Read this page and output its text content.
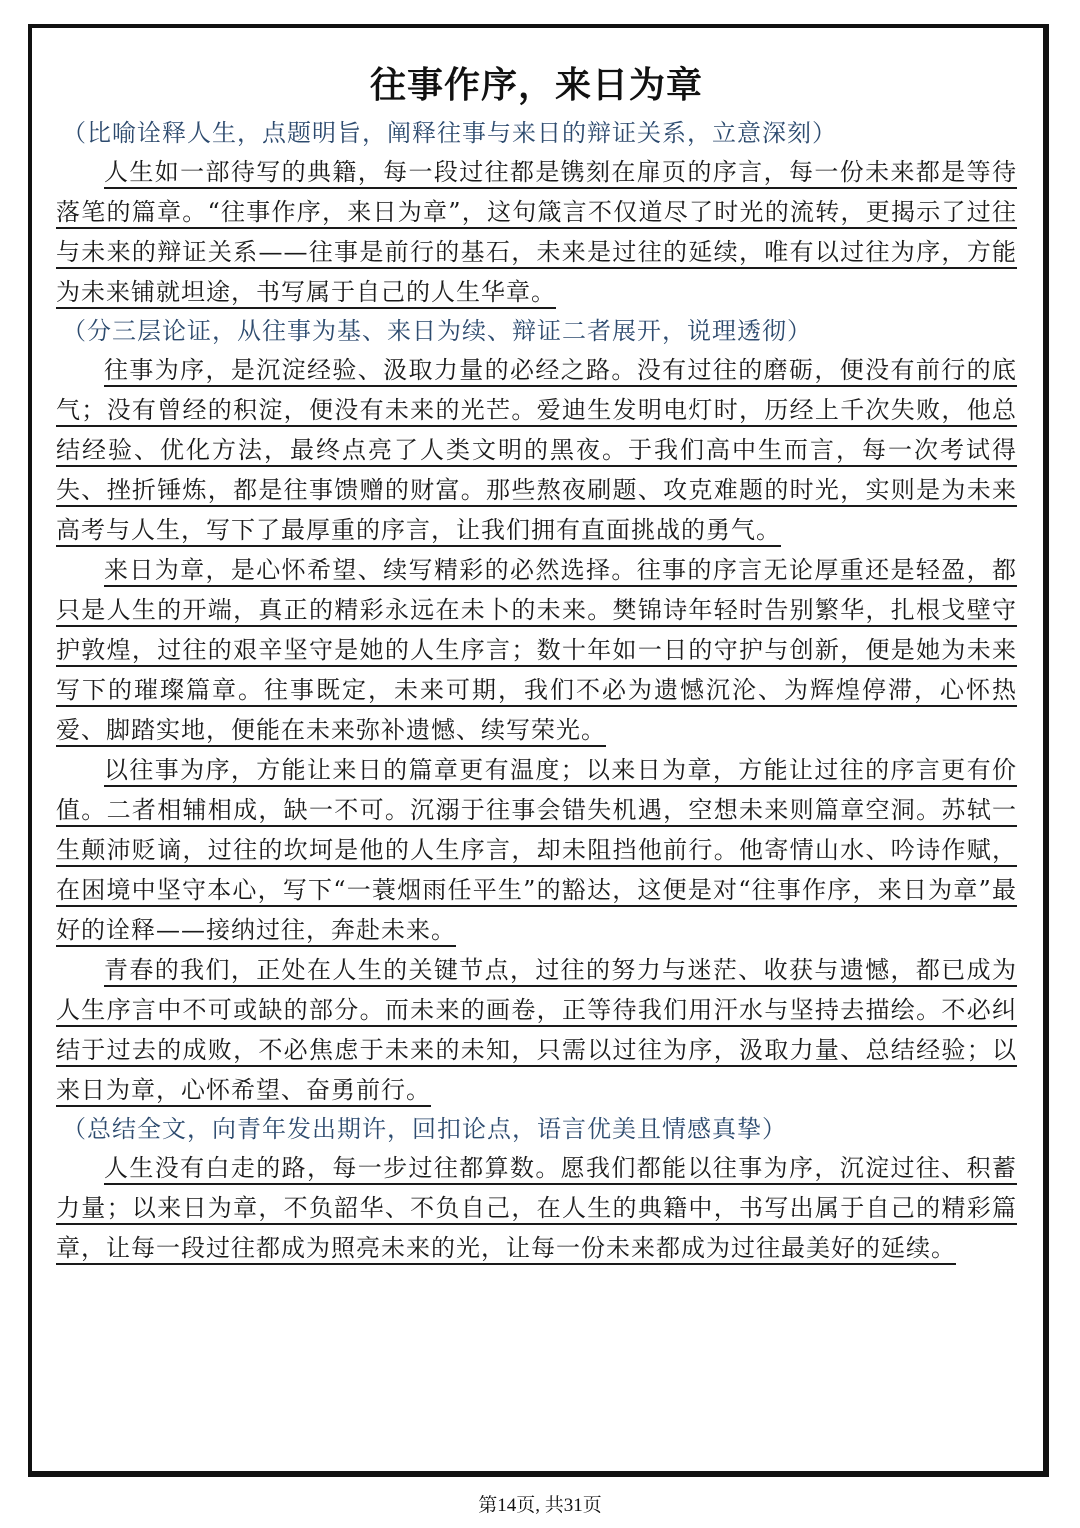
往事作序，来日为章

（比喻诠释人生，点题明旨，阐释往事与来日的辩证关系，立意深刻）

人生如一部待写的典籍，每一段过往都是镌刻在扉页的序言，每一份未来都是等待落笔的篇章。“往事作序，来日为章”，这句箴言不仅道尽了时光的流转，更揭示了过往与未来的辩证关系——往事是前行的基石，未来是过往的延续，唯有以过往为序，方能为未来铺就坦途，书写属于自己的人生华章。

（分三层论证，从往事为基、来日为续、辩证二者展开，说理透彻）

往事为序，是沉淀经验、汲取力量的必经之路。没有过往的磨砺，便没有前行的底气；没有曾经的积淀，便没有未来的光芒。爱迪生发明电灯时，历经上千次失败，他总结经验、优化方法，最终点亮了人类文明的黑夜。于我们高中生而言，每一次考试得失、挫折锤炼，都是往事馈赠的财富。那些熬夜刷题、攻克难题的时光，实则是为未来高考与人生，写下了最厚重的序言，让我们拥有直面挑战的勇气。

来日为章，是心怀希望、续写精彩的必然选择。往事的序言无论厚重还是轻盈，都只是人生的开端，真正的精彩永远在未卜的未来。樊锦诗年轻时告别繁华，扎根戈壁守护敦煌，过往的艰辛坚守是她的人生序言；数十年如一日的守护与创新，便是她为未来写下的璀璨篇章。往事既定，未来可期，我们不必为遗憾沉沦、为辉煌停滞，心怀热爱、脚踏实地，便能在未来弥补遗憾、续写荣光。

以往事为序，方能让来日的篇章更有温度；以来日为章，方能让过往的序言更有价值。二者相辅相成，缺一不可。沉溺于往事会错失机遇，空想未来则篇章空洞。苏轼一生颠沛贬谪，过往的坎坷是他的人生序言，却未阻挡他前行。他寄情山水、吟诗作赋，在困境中坚守本心，写下“一蓑烟雨任平生”的豁达，这便是对“往事作序，来日为章”最好的诠释——接纳过往，奔赴未来。

青春的我们，正处在人生的关键节点，过往的努力与迷茫、收获与遗憾，都已成为人生序言中不可或缺的部分。而未来的画卷，正等待我们用汗水与坚持去描绘。不必纠结于过去的成败，不必焦虑于未来的未知，只需以过往为序，汲取力量、总结经验；以来日为章，心怀希望、奋勇前行。

（总结全文，向青年发出期许，回扣论点，语言优美且情感真挚）

人生没有白走的路，每一步过往都算数。愿我们都能以往事为序，沉淀过往、积蓄力量；以来日为章，不负韶华、不负自己，在人生的典籍中，书写出属于自己的精彩篇章，让每一段过往都成为照亮未来的光，让每一份未来都成为过往最美好的延续。

第14页, 共31页
